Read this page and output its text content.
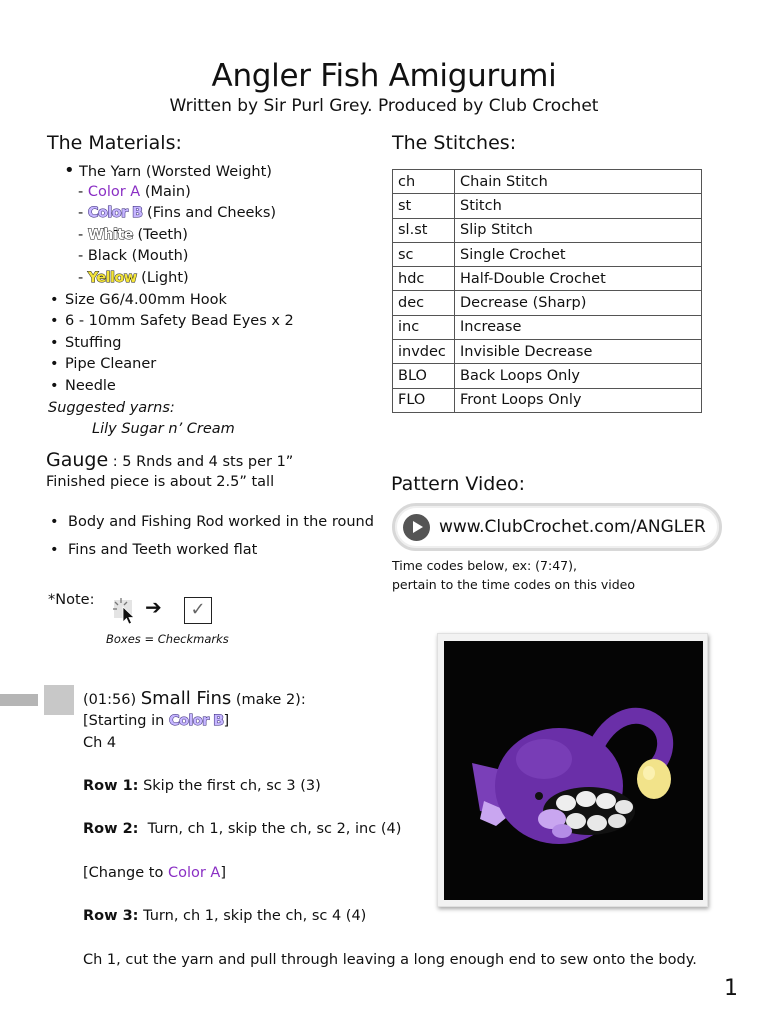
Angler Fish Amigurumi
Written by Sir Purl Grey. Produced by Club Crochet
The Materials:
• The Yarn (Worsted Weight)
- Color A (Main)
- Color B (Fins and Cheeks)
- White (Teeth)
- Black (Mouth)
- Yellow (Light)
• Size G6/4.00mm Hook
• 6 - 10mm Safety Bead Eyes x 2
• Stuffing
• Pipe Cleaner
• Needle
Suggested yarns:
Lily Sugar n’ Cream
Gauge : 5 Rnds and 4 sts per 1”
Finished piece is about 2.5” tall
• Body and Fishing Rod worked in the round
• Fins and Teeth worked flat
*Note:	➔	✓
Boxes = Checkmarks
The Stitches:
ch	Chain Stitch
st	Stitch
sl.st	Slip Stitch
sc	Single Crochet
hdc	Half-Double Crochet
dec	Decrease (Sharp)
inc	Increase
invdec	Invisible Decrease
BLO	Back Loops Only
FLO	Front Loops Only
Pattern Video:
www.ClubCrochet.com/ANGLER
Time codes below, ex: (7:47),
pertain to the time codes on this video
(01:56) Small Fins (make 2):
[Starting in Color B]
Ch 4
Row 1: Skip the first ch, sc 3 (3)
Row 2:  Turn, ch 1, skip the ch, sc 2, inc (4)
[Change to Color A]
Row 3: Turn, ch 1, skip the ch, sc 4 (4)
Ch 1, cut the yarn and pull through leaving a long enough end to sew onto the body.
1
